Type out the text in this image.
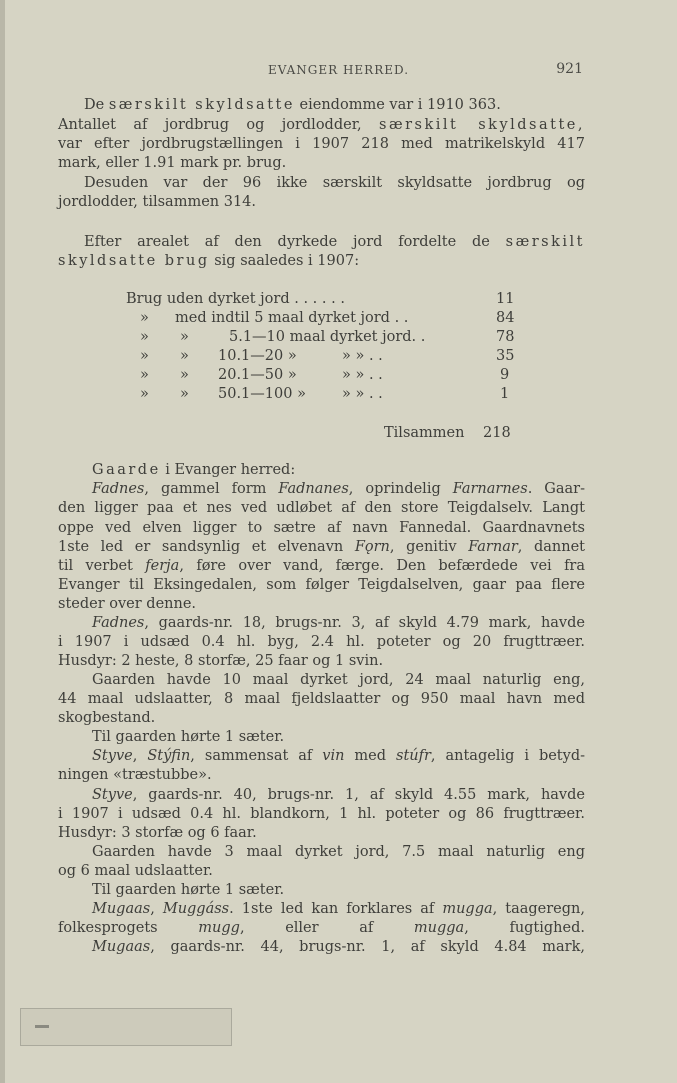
EVANGER HERRED.	921
De særskilt skyldsatte eiendomme var i 1910 363.
Antallet af jordbrug og jordlodder, særskilt skyldsatte,
var efter jordbrugstællingen i 1907 218 med matrikelskyld 417
mark, eller 1.91 mark pr. brug.
Desuden var der 96 ikke særskilt skyldsatte jordbrug og
jordlodder, tilsammen 314.
Efter arealet af den dyrkede jord fordelte de særskilt
skyldsatte brug sig saaledes i 1907:
Brug uden dyrket jord . . . . . .	11
» med indtil 5 maal dyrket jord . .	84
» »	5.1—10 maal dyrket jord. .	78
» » 10.1—20 »	» » . .	35
» » 20.1—50 »	» » . .	9
» » 50.1—100 » » » . .	1
Tilsammen 218
Gaarde i Evanger herred:
Fadnes, gammel form Fadnanes, oprindelig Farnarnes. Gaar-
den ligger paa et nes ved udløbet af den store Teigdalselv. Langt
oppe ved elven ligger to sætre af navn Fannedal. Gaardnavnets
1ste led er sandsynlig et elvenavn Fǫrn, genitiv Farnar, dannet
til verbet ferja, føre over vand, færge. Den befærdede vei fra
Evanger til Eksingedalen, som følger Teigdalselven, gaar paa flere
steder over denne.
Fadnes, gaards-nr. 18, brugs-nr. 3, af skyld 4.79 mark, havde
i 1907 i udsæd 0.4 hl. byg, 2.4 hl. poteter og 20 frugttræer.
Husdyr: 2 heste, 8 storfæ, 25 faar og 1 svin.
Gaarden havde 10 maal dyrket jord, 24 maal naturlig eng,
44 maal udslaatter, 8 maal fjeldslaatter og 950 maal havn med
skogbestand.
Til gaarden hørte 1 sæter.
Styve, Stýfin, sammensat af vin med stúfr, antagelig i betyd-
ningen «træstubbe».
Styve, gaards-nr. 40, brugs-nr. 1, af skyld 4.55 mark, havde
i 1907 i udsæd 0.4 hl. blandkorn, 1 hl. poteter og 86 frugttræer.
Husdyr: 3 storfæ og 6 faar.
Gaarden havde 3 maal dyrket jord, 7.5 maal naturlig eng
og 6 maal udslaatter.
Til gaarden hørte 1 sæter.
Mugaas, Muggáss. 1ste led kan forklares af mugga, taageregn,
folkesprogets mugg, eller af mugga, fugtighed.
Mugaas, gaards-nr. 44, brugs-nr. 1, af skyld 4.84 mark,
